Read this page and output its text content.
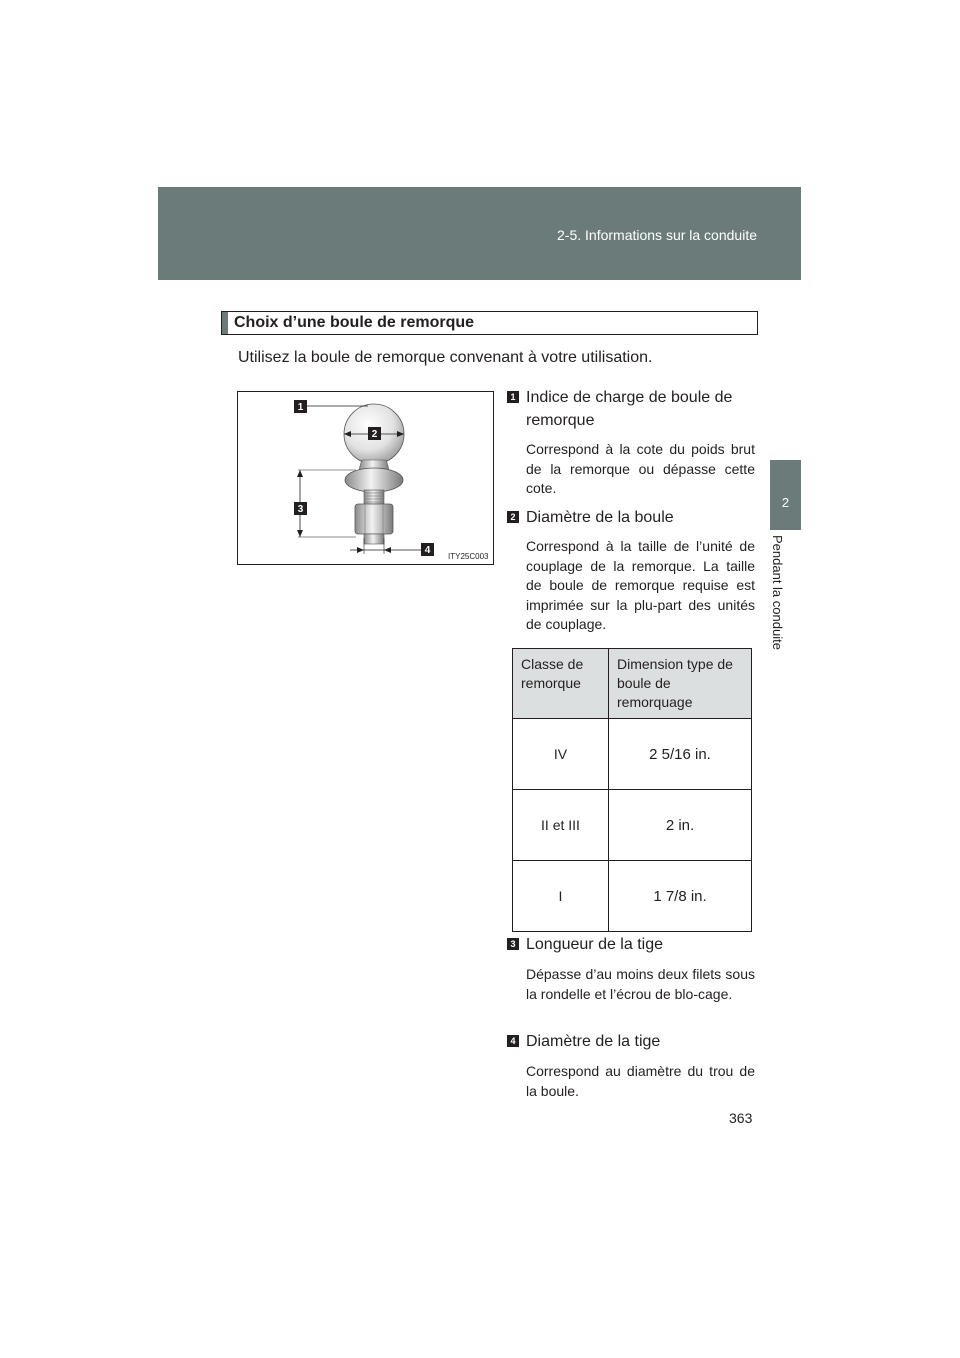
2-5. Informations sur la conduite
2
Pendant la conduite
Choix d’une boule de remorque
Utilisez la boule de remorque convenant à votre utilisation.
1
2
3
4
ITY25C003
1 Indice de charge de boule de remorque
Correspond à la cote du poids brut de la remorque ou dépasse cette cote.
2 Diamètre de la boule
Correspond à la taille de l’unité de couplage de la remorque. La taille de boule de remorque requise est imprimée sur la plu-part des unités de couplage.
Classe de remorque	Dimension type de boule de remorquage
IV	2 5/16 in.
II et III	2 in.
I	1 7/8 in.
3 Longueur de la tige
Dépasse d’au moins deux filets sous la rondelle et l’écrou de blo-cage.
4 Diamètre de la tige
Correspond au diamètre du trou de la boule.
363
